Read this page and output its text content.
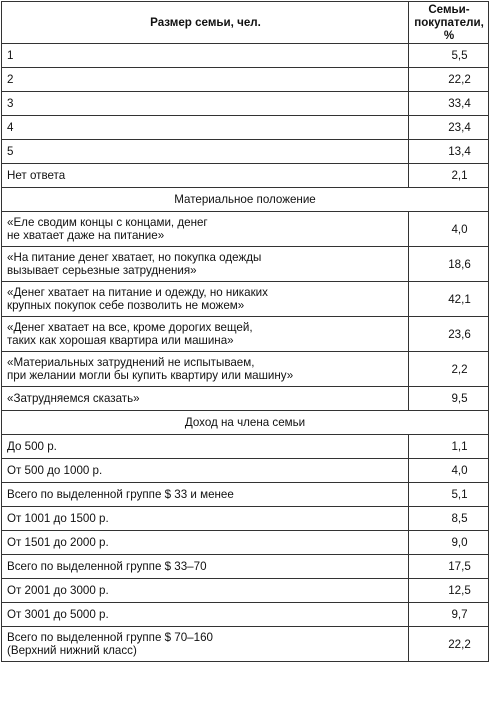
Размер семьи, чел.	Семьи-
покупатели, %
1	5,5
2	22,2
3	33,4
4	23,4
5	13,4
Нет ответа	2,1
Материальное положение	
«Еле сводим концы с концами, денег
не хватает даже на питание»	4,0
«На питание денег хватает, но покупка одежды
вызывает серьезные затруднения»	18,6
«Денег хватает на питание и одежду, но никаких
крупных покупок себе позволить не можем»	42,1
«Денег хватает на все, кроме дорогих вещей,
таких как хорошая квартира или машина»	23,6
«Материальных затруднений не испытываем,
при желании могли бы купить квартиру или машину»	2,2
«Затрудняемся сказать»	9,5
Доход на члена семьи	
До 500 р.	1,1
От 500 до 1000 р.	4,0
Всего по выделенной группе $ 33 и менее	5,1
От 1001 до 1500 р.	8,5
От 1501 до 2000 р.	9,0
Всего по выделенной группе $ 33–70	17,5
От 2001 до 3000 р.	12,5
От 3001 до 5000 р.	9,7
Всего по выделенной группе $ 70–160
(Верхний нижний класс)	22,2
